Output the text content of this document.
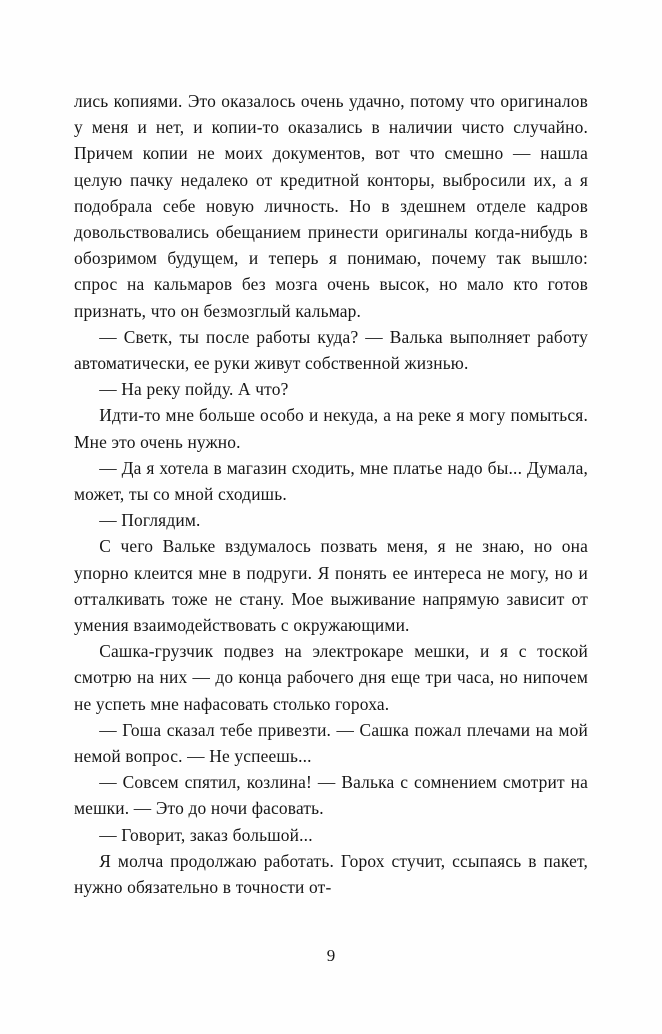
лись копиями. Это оказалось очень удачно, потому что оригиналов у меня и нет, и копии-то оказались в наличии чисто случайно. Причем копии не моих документов, вот что смешно — нашла целую пачку недалеко от кредитной конторы, выбросили их, а я подобрала себе новую личность. Но в здешнем отделе кадров довольствовались обещанием принести оригиналы когда-нибудь в обозримом будущем, и теперь я понимаю, почему так вышло: спрос на кальмаров без мозга очень высок, но мало кто готов признать, что он безмозглый кальмар.

— Светк, ты после работы куда? — Валька выполняет работу автоматически, ее руки живут собственной жизнью.

— На реку пойду. А что?

Идти-то мне больше особо и некуда, а на реке я могу помыться. Мне это очень нужно.

— Да я хотела в магазин сходить, мне платье надо бы... Думала, может, ты со мной сходишь.

— Поглядим.

С чего Вальке вздумалось позвать меня, я не знаю, но она упорно клеится мне в подруги. Я понять ее интереса не могу, но и отталкивать тоже не стану. Мое выживание напрямую зависит от умения взаимодействовать с окружающими.

Сашка-грузчик подвез на электрокаре мешки, и я с тоской смотрю на них — до конца рабочего дня еще три часа, но нипочем не успеть мне нафасовать столько гороха.

— Гоша сказал тебе привезти. — Сашка пожал плечами на мой немой вопрос. — Не успеешь...

— Совсем спятил, козлина! — Валька с сомнением смотрит на мешки. — Это до ночи фасовать.

— Говорит, заказ большой...

Я молча продолжаю работать. Горох стучит, ссыпаясь в пакет, нужно обязательно в точности от-

9
